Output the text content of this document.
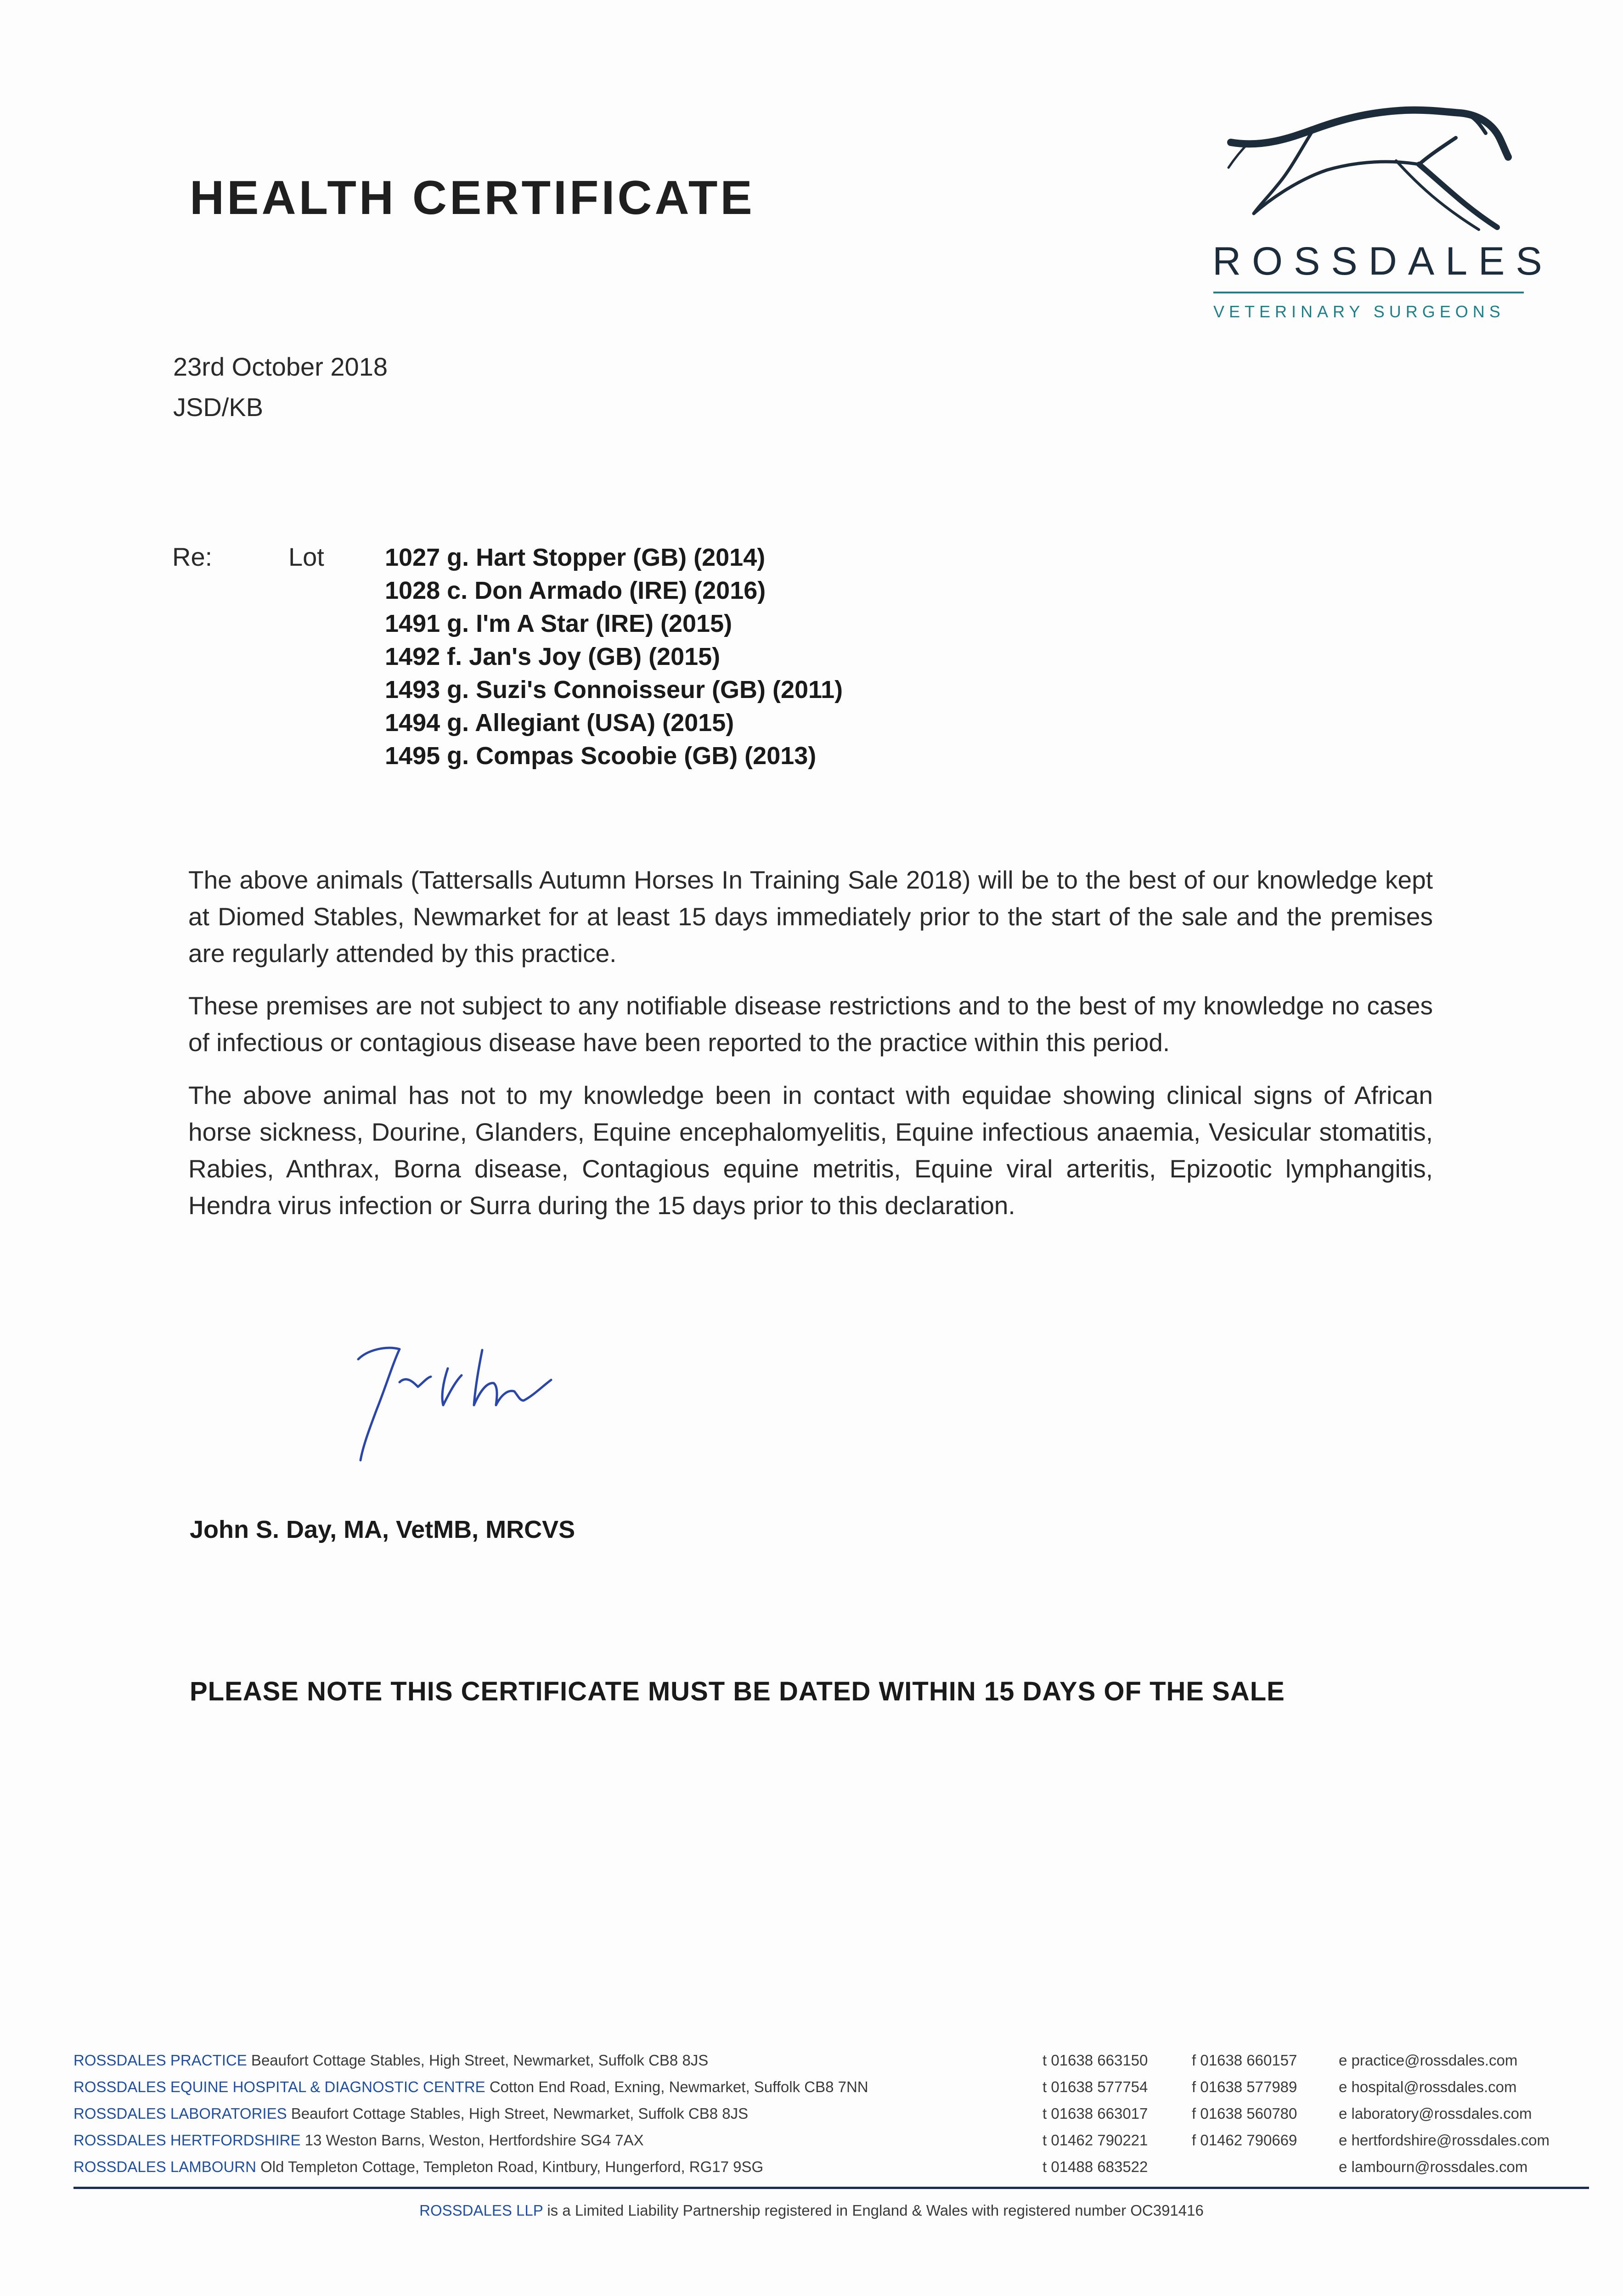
HEALTH CERTIFICATE
ROSSDALES
VETERINARY SURGEONS
23rd October 2018
JSD/KB
Re:	Lot 1027 g. Hart Stopper (GB) (2014)
1028 c. Don Armado (IRE) (2016)
1491 g. I'm A Star (IRE) (2015)
1492 f. Jan's Joy (GB) (2015)
1493 g. Suzi's Connoisseur (GB) (2011)
1494 g. Allegiant (USA) (2015)
1495 g. Compas Scoobie (GB) (2013)

The above animals (Tattersalls Autumn Horses In Training Sale 2018) will be to the best of our knowledge kept at Diomed Stables, Newmarket for at least 15 days immediately prior to the start of the sale and the premises are regularly attended by this practice.

These premises are not subject to any notifiable disease restrictions and to the best of my knowledge no cases of infectious or contagious disease have been reported to the practice within this period.

The above animal has not to my knowledge been in contact with equidae showing clinical signs of African horse sickness, Dourine, Glanders, Equine encephalomyelitis, Equine infectious anaemia, Vesicular stomatitis, Rabies, Anthrax, Borna disease, Contagious equine metritis, Equine viral arteritis, Epizootic lymphangitis, Hendra virus infection or Surra during the 15 days prior to this declaration.

John S. Day, MA, VetMB, MRCVS
PLEASE NOTE THIS CERTIFICATE MUST BE DATED WITHIN 15 DAYS OF THE SALE
ROSSDALES PRACTICE Beaufort Cottage Stables, High Street, Newmarket, Suffolk CB8 8JS	t 01638 663150	f 01638 660157	e practice@rossdales.com
ROSSDALES EQUINE HOSPITAL & DIAGNOSTIC CENTRE Cotton End Road, Exning, Newmarket, Suffolk CB8 7NN	t 01638 577754	f 01638 577989	e hospital@rossdales.com
ROSSDALES LABORATORIES Beaufort Cottage Stables, High Street, Newmarket, Suffolk CB8 8JS	t 01638 663017	f 01638 560780	e laboratory@rossdales.com
ROSSDALES HERTFORDSHIRE 13 Weston Barns, Weston, Hertfordshire SG4 7AX	t 01462 790221	f 01462 790669	e hertfordshire@rossdales.com
ROSSDALES LAMBOURN Old Templeton Cottage, Templeton Road, Kintbury, Hungerford, RG17 9SG	t 01488 683522	e lambourn@rossdales.com
ROSSDALES LLP is a Limited Liability Partnership registered in England & Wales with registered number OC391416
